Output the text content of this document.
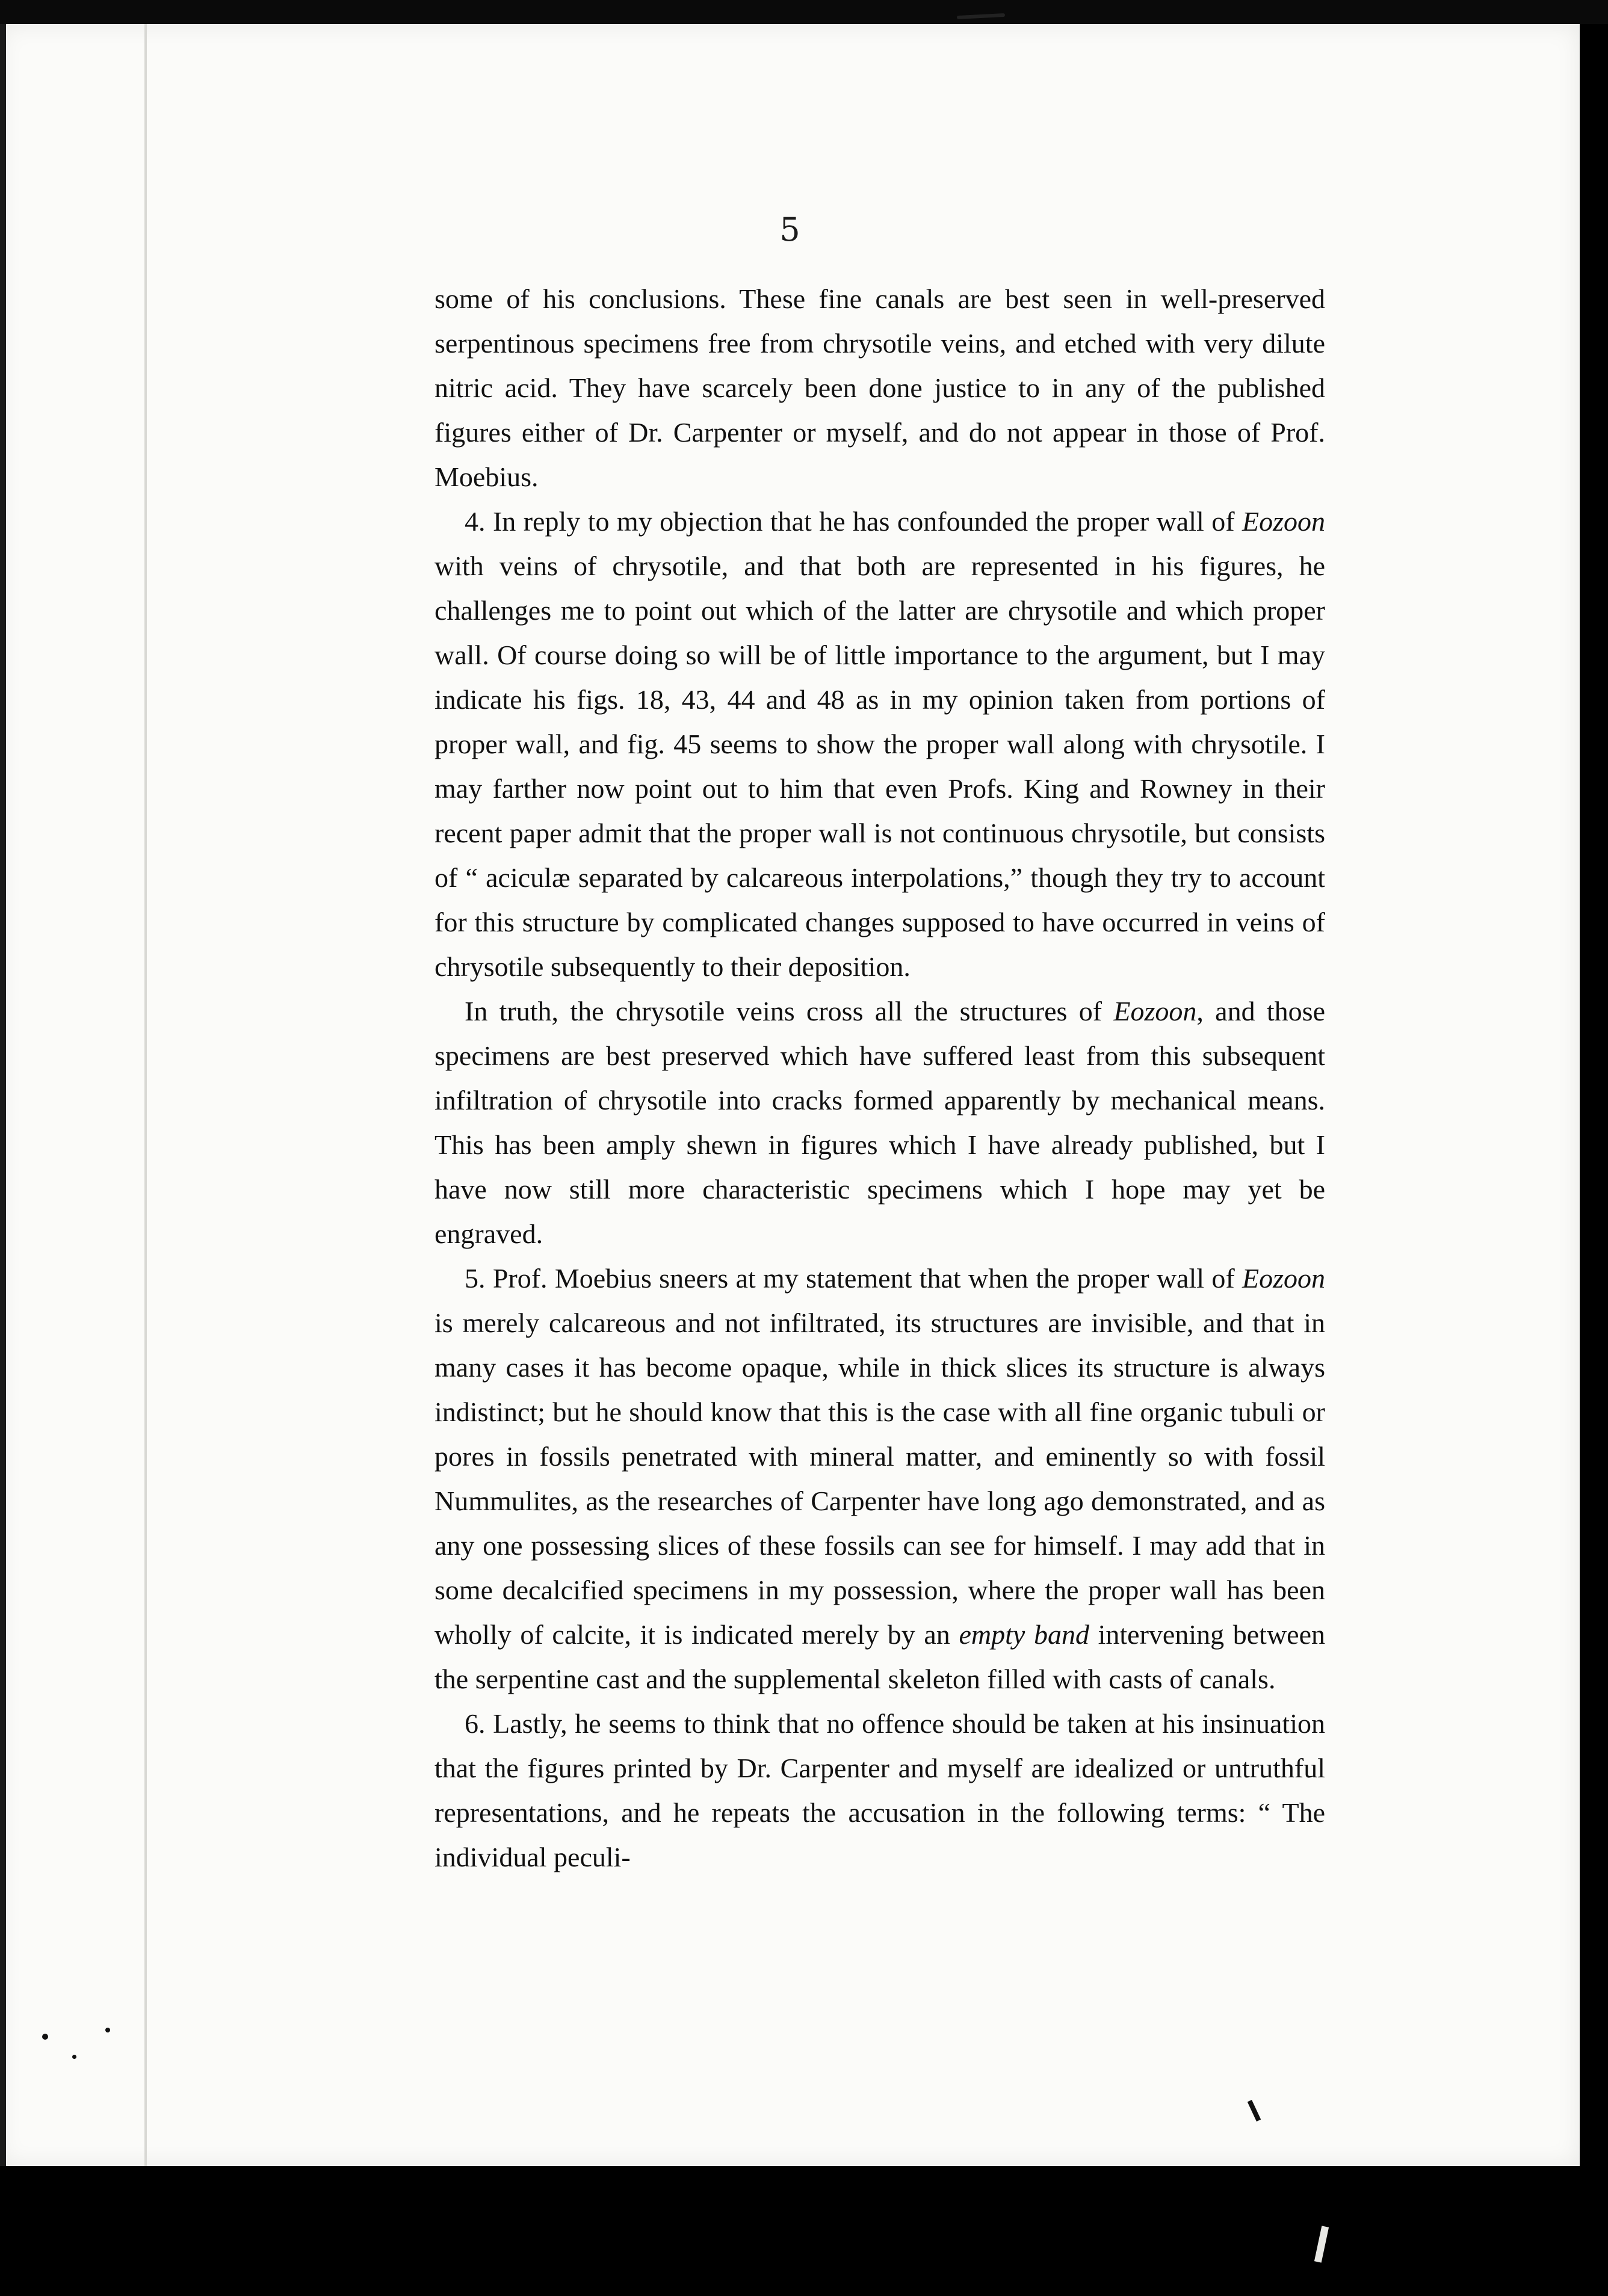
5

some of his conclusions. These fine canals are best seen in well-preserved serpentinous specimens free from chrysotile veins, and etched with very dilute nitric acid. They have scarcely been done justice to in any of the published figures either of Dr. Carpenter or myself, and do not appear in those of Prof. Moebius.

4. In reply to my objection that he has confounded the proper wall of Eozoon with veins of chrysotile, and that both are represented in his figures, he challenges me to point out which of the latter are chrysotile and which proper wall. Of course doing so will be of little importance to the argument, but I may indicate his figs. 18, 43, 44 and 48 as in my opinion taken from portions of proper wall, and fig. 45 seems to show the proper wall along with chrysotile. I may farther now point out to him that even Profs. King and Rowney in their recent paper admit that the proper wall is not continuous chrysotile, but consists of “ aciculæ separated by calcareous interpolations,” though they try to account for this structure by complicated changes supposed to have occurred in veins of chrysotile subsequently to their deposition.

In truth, the chrysotile veins cross all the structures of Eozoon, and those specimens are best preserved which have suffered least from this subsequent infiltration of chrysotile into cracks formed apparently by mechanical means. This has been amply shewn in figures which I have already published, but I have now still more characteristic specimens which I hope may yet be engraved.

5. Prof. Moebius sneers at my statement that when the proper wall of Eozoon is merely calcareous and not infiltrated, its structures are invisible, and that in many cases it has become opaque, while in thick slices its structure is always indistinct; but he should know that this is the case with all fine organic tubuli or pores in fossils penetrated with mineral matter, and eminently so with fossil Nummulites, as the researches of Carpenter have long ago demonstrated, and as any one possessing slices of these fossils can see for himself. I may add that in some decalcified specimens in my possession, where the proper wall has been wholly of calcite, it is indicated merely by an empty band intervening between the serpentine cast and the supplemental skeleton filled with casts of canals.

6. Lastly, he seems to think that no offence should be taken at his insinuation that the figures printed by Dr. Carpenter and myself are idealized or untruthful representations, and he repeats the accusation in the following terms: “ The individual peculi-
